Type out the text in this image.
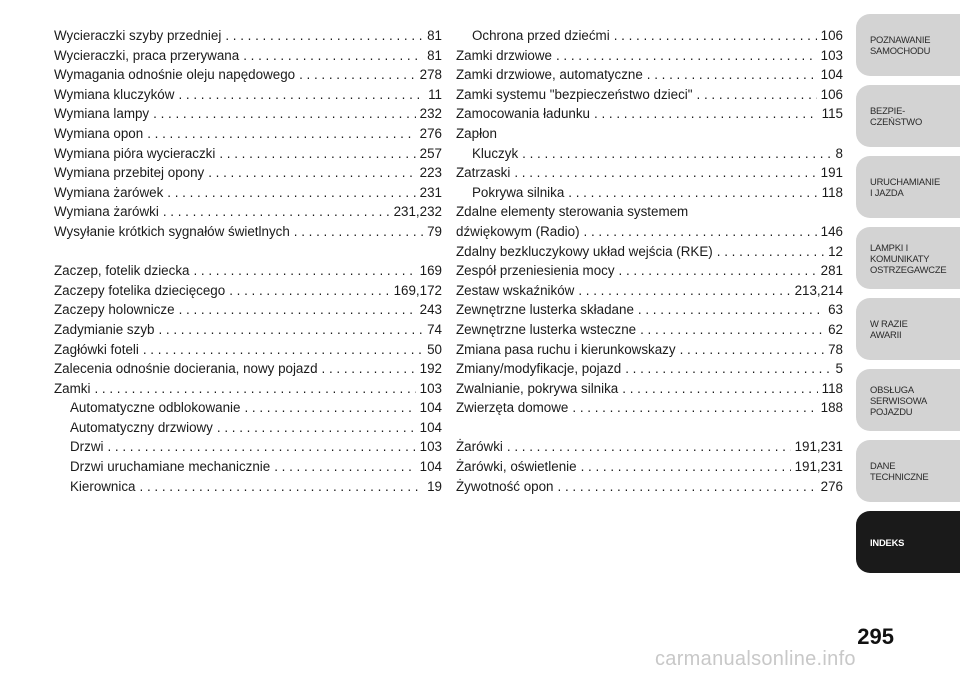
Wycieraczki szyby przedniej . . .	81
Wycieraczki, praca przerywana . . .	81
Wymagania odnośnie oleju napędowego . . .	278
Wymiana kluczyków . . .	11
Wymiana lampy . . .	232
Wymiana opon . . .	276
Wymiana pióra wycieraczki . . .	257
Wymiana przebitej opony . . .	223
Wymiana żarówek . . .	231
Wymiana żarówki . . .	231,232
Wysyłanie krótkich sygnałów świetlnych . . .	79
Zaczep, fotelik dziecka . . .	169
Zaczepy fotelika dziecięcego . . .	169,172
Zaczepy holownicze . . .	243
Zadymianie szyb . . .	74
Zagłówki foteli . . .	50
Zalecenia odnośnie docierania, nowy pojazd . . .	192
Zamki . . .	103
Automatyczne odblokowanie . . .	104
Automatyczny drzwiowy . . .	104
Drzwi . . .	103
Drzwi uruchamiane mechanicznie . . .	104
Kierownica . . .	19
Ochrona przed dziećmi . . .	106
Zamki drzwiowe . . .	103
Zamki drzwiowe, automatyczne . . .	104
Zamki systemu "bezpieczeństwo dzieci" . . .	106
Zamocowania ładunku . . .	115
Zapłon
Kluczyk . . .	8
Zatrzaski . . .	191
Pokrywa silnika . . .	118
Zdalne elementy sterowania systemem
dźwiękowym (Radio) . . .	146
Zdalny bezkluczykowy układ wejścia (RKE) . . .	12
Zespół przeniesienia mocy . . .	281
Zestaw wskaźników . . .	213,214
Zewnętrzne lusterka składane . . .	63
Zewnętrzne lusterka wsteczne . . .	62
Zmiana pasa ruchu i kierunkowskazy . . .	78
Zmiany/modyfikacje, pojazd . . .	5
Zwalnianie, pokrywa silnika . . .	118
Zwierzęta domowe . . .	188
Żarówki . . .	191,231
Żarówki, oświetlenie . . .	191,231
Żywotność opon . . .	276
POZNAWANIE
SAMOCHODU
BEZPIE-
CZEŃSTWO
URUCHAMIANIE
I JAZDA
LAMPKI I
KOMUNIKATY
OSTRZEGAWCZE
W RAZIE
AWARII
OBSŁUGA
SERWISOWA
POJAZDU
DANE
TECHNICZNE
INDEKS
295
carmanualsonline.info
